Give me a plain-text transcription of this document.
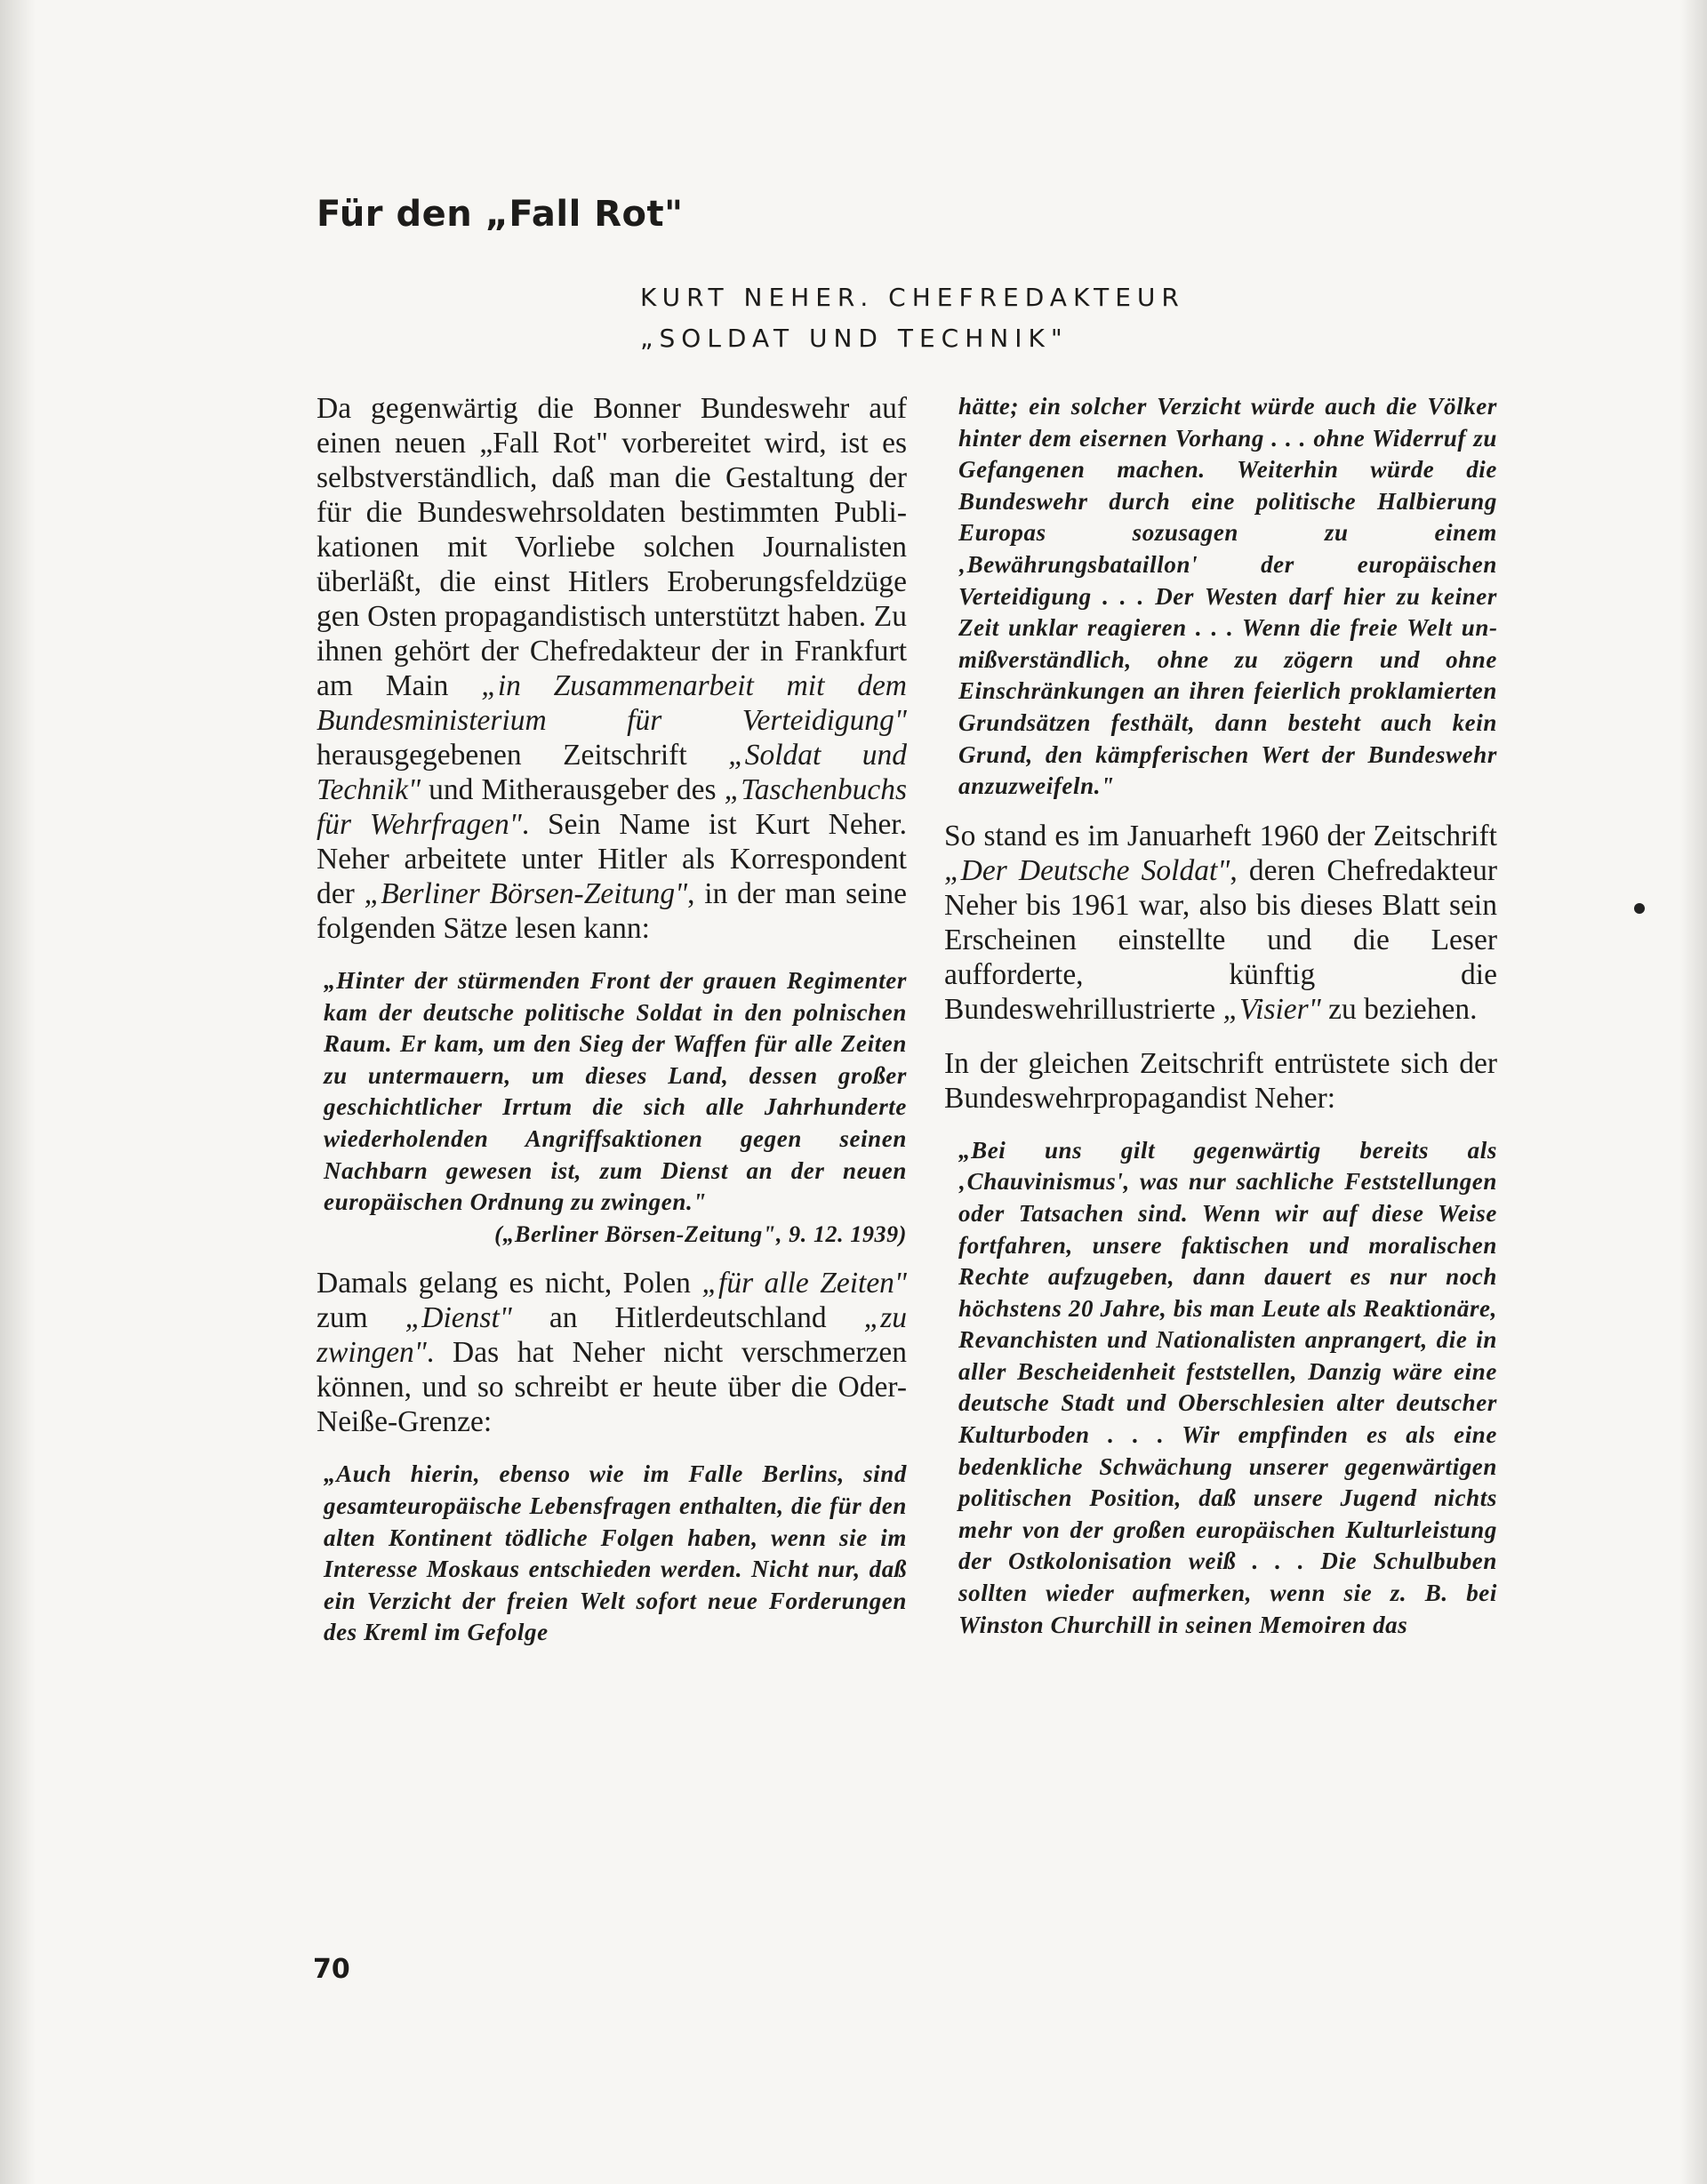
Für den „Fall Rot"
KURT NEHER. CHEFREDAKTEUR
„SOLDAT UND TECHNIK"

Da gegenwärtig die Bonner Bundeswehr auf einen neuen „Fall Rot" vorbereitet wird, ist es selbstverständlich, daß man die Gestaltung der für die Bundeswehrsoldaten bestimmten Publikationen mit Vorliebe solchen Journalisten überläßt, die einst Hitlers Eroberungsfeldzüge gen Osten propagandistisch unterstützt haben. Zu ihnen gehört der Chefredakteur der in Frankfurt am Main „in Zusammenarbeit mit dem Bundesministerium für Verteidigung" herausgegebenen Zeitschrift „Soldat und Technik" und Mitherausgeber des „Taschenbuchs für Wehrfragen". Sein Name ist Kurt Neher. Neher arbeitete unter Hitler als Korrespondent der „Berliner Börsen-Zeitung", in der man seine folgenden Sätze lesen kann:

„Hinter der stürmenden Front der grauen Regimenter kam der deutsche politische Soldat in den polnischen Raum. Er kam, um den Sieg der Waffen für alle Zeiten zu untermauern, um dieses Land, dessen großer geschichtlicher Irrtum die sich alle Jahrhunderte wiederholenden Angriffsaktionen gegen seinen Nachbarn gewesen ist, zum Dienst an der neuen europäischen Ordnung zu zwingen."
(„Berliner Börsen-Zeitung", 9. 12. 1939)

Damals gelang es nicht, Polen „für alle Zeiten" zum „Dienst" an Hitlerdeutschland „zu zwingen". Das hat Neher nicht verschmerzen können, und so schreibt er heute über die Oder-Neiße-Grenze:

„Auch hierin, ebenso wie im Falle Berlins, sind gesamteuropäische Lebensfragen enthalten, die für den alten Kontinent tödliche Folgen haben, wenn sie im Interesse Moskaus entschieden werden. Nicht nur, daß ein Verzicht der freien Welt sofort neue Forderungen des Kreml im Gefolge

hätte; ein solcher Verzicht würde auch die Völker hinter dem eisernen Vorhang . . . ohne Widerruf zu Gefangenen machen. Weiterhin würde die Bundeswehr durch eine politische Halbierung Europas sozusagen zu einem ‚Bewährungsbataillon' der europäischen Verteidigung . . . Der Westen darf hier zu keiner Zeit unklar reagieren . . . Wenn die freie Welt unmißverständlich, ohne zu zögern und ohne Einschränkungen an ihren feierlich proklamierten Grundsätzen festhält, dann besteht auch kein Grund, den kämpferischen Wert der Bundeswehr anzuzweifeln."

So stand es im Januarheft 1960 der Zeitschrift „Der Deutsche Soldat", deren Chefredakteur Neher bis 1961 war, also bis dieses Blatt sein Erscheinen einstellte und die Leser aufforderte, künftig die Bundeswehrillustrierte „Visier" zu beziehen.

In der gleichen Zeitschrift entrüstete sich der Bundeswehrpropagandist Neher:

„Bei uns gilt gegenwärtig bereits als ‚Chauvinismus', was nur sachliche Feststellungen oder Tatsachen sind. Wenn wir auf diese Weise fortfahren, unsere faktischen und moralischen Rechte aufzugeben, dann dauert es nur noch höchstens 20 Jahre, bis man Leute als Reaktionäre, Revanchisten und Nationalisten anprangert, die in aller Bescheidenheit feststellen, Danzig wäre eine deutsche Stadt und Oberschlesien alter deutscher Kulturboden . . . Wir empfinden es als eine bedenkliche Schwächung unserer gegenwärtigen politischen Position, daß unsere Jugend nichts mehr von der großen europäischen Kulturleistung der Ostkolonisation weiß . . . Die Schulbuben sollten wieder aufmerken, wenn sie z. B. bei Winston Churchill in seinen Memoiren das

70
